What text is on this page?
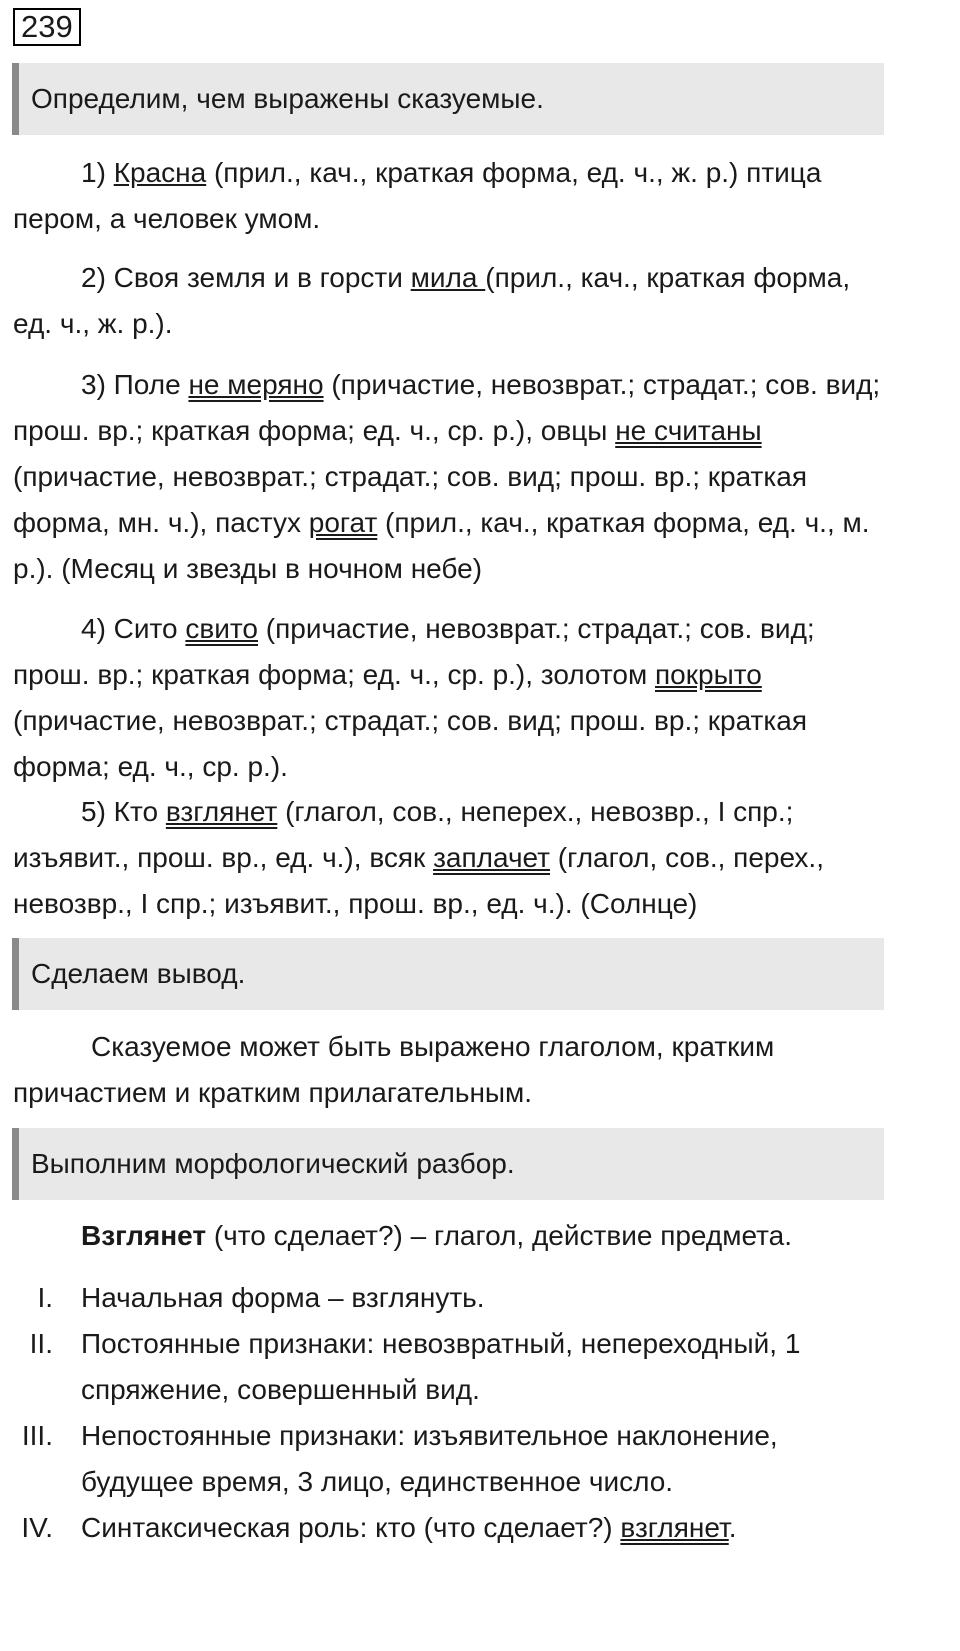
239
Определим, чем выражены сказуемые.

1) Красна (прил., кач., краткая форма, ед. ч., ж. р.) птица пером, а человек умом.

2) Своя земля и в горсти мила (прил., кач., краткая форма, ед. ч., ж. р.).

3) Поле не меряно (причастие, невозврат.; страдат.; сов. вид; прош. вр.; краткая форма; ед. ч., ср. р.), овцы не считаны (причастие, невозврат.; страдат.; сов. вид; прош. вр.; краткая форма, мн. ч.), пастух рогат (прил., кач., краткая форма, ед. ч., м. р.). (Месяц и звезды в ночном небе)

4) Сито свито (причастие, невозврат.; страдат.; сов. вид; прош. вр.; краткая форма; ед. ч., ср. р.), золотом покрыто (причастие, невозврат.; страдат.; сов. вид; прош. вр.; краткая форма; ед. ч., ср. р.).

5) Кто взглянет (глагол, сов., неперех., невозвр., I спр.; изъявит., прош. вр., ед. ч.), всяк заплачет (глагол, сов., перех., невозвр., I спр.; изъявит., прош. вр., ед. ч.). (Солнце)

Сделаем вывод.

Сказуемое может быть выражено глаголом, кратким причастием и кратким прилагательным.

Выполним морфологический разбор.

Взглянет (что сделает?) – глагол, действие предмета.

I. Начальная форма – взглянуть.
II. Постоянные признаки: невозвратный, непереходный, 1 спряжение, совершенный вид.
III. Непостоянные признаки: изъявительное наклонение, будущее время, 3 лицо, единственное число.
IV. Синтаксическая роль: кто (что сделает?) взглянет.
